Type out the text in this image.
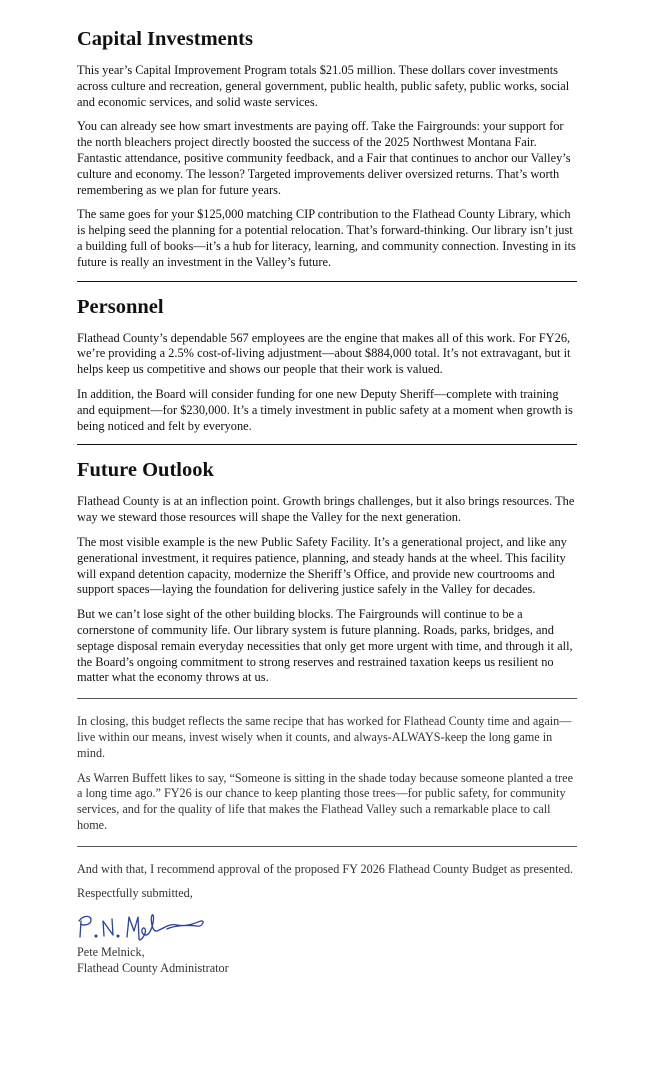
Capital Investments

This year’s Capital Improvement Program totals $21.05 million. These dollars cover investments across culture and recreation, general government, public health, public safety, public works, social and economic services, and solid waste services.

You can already see how smart investments are paying off. Take the Fairgrounds: your support for the north bleachers project directly boosted the success of the 2025 Northwest Montana Fair. Fantastic attendance, positive community feedback, and a Fair that continues to anchor our Valley’s culture and economy. The lesson? Targeted improvements deliver oversized returns. That’s worth remembering as we plan for future years.

The same goes for your $125,000 matching CIP contribution to the Flathead County Library, which is helping seed the planning for a potential relocation. That’s forward-thinking. Our library isn’t just a building full of books—it’s a hub for literacy, learning, and community connection. Investing in its future is really an investment in the Valley’s future.

Personnel

Flathead County’s dependable 567 employees are the engine that makes all of this work. For FY26, we’re providing a 2.5% cost-of-living adjustment—about $884,000 total. It’s not extravagant, but it helps keep us competitive and shows our people that their work is valued.

In addition, the Board will consider funding for one new Deputy Sheriff—complete with training and equipment—for $230,000. It’s a timely investment in public safety at a moment when growth is being noticed and felt by everyone.

Future Outlook

Flathead County is at an inflection point. Growth brings challenges, but it also brings resources. The way we steward those resources will shape the Valley for the next generation.

The most visible example is the new Public Safety Facility. It’s a generational project, and like any generational investment, it requires patience, planning, and steady hands at the wheel. This facility will expand detention capacity, modernize the Sheriff’s Office, and provide new courtrooms and support spaces—laying the foundation for delivering justice safely in the Valley for decades.

But we can’t lose sight of the other building blocks. The Fairgrounds will continue to be a cornerstone of community life. Our library system is future planning. Roads, parks, bridges, and septage disposal remain everyday necessities that only get more urgent with time, and through it all, the Board’s ongoing commitment to strong reserves and restrained taxation keeps us resilient no matter what the economy throws at us.

In closing, this budget reflects the same recipe that has worked for Flathead County time and again—live within our means, invest wisely when it counts, and always-ALWAYS-keep the long game in mind.

As Warren Buffett likes to say, “Someone is sitting in the shade today because someone planted a tree a long time ago.” FY26 is our chance to keep planting those trees—for public safety, for community services, and for the quality of life that makes the Flathead Valley such a remarkable place to call home.

And with that, I recommend approval of the proposed FY 2026 Flathead County Budget as presented.

Respectfully submitted,

Pete Melnick,

Flathead County Administrator
